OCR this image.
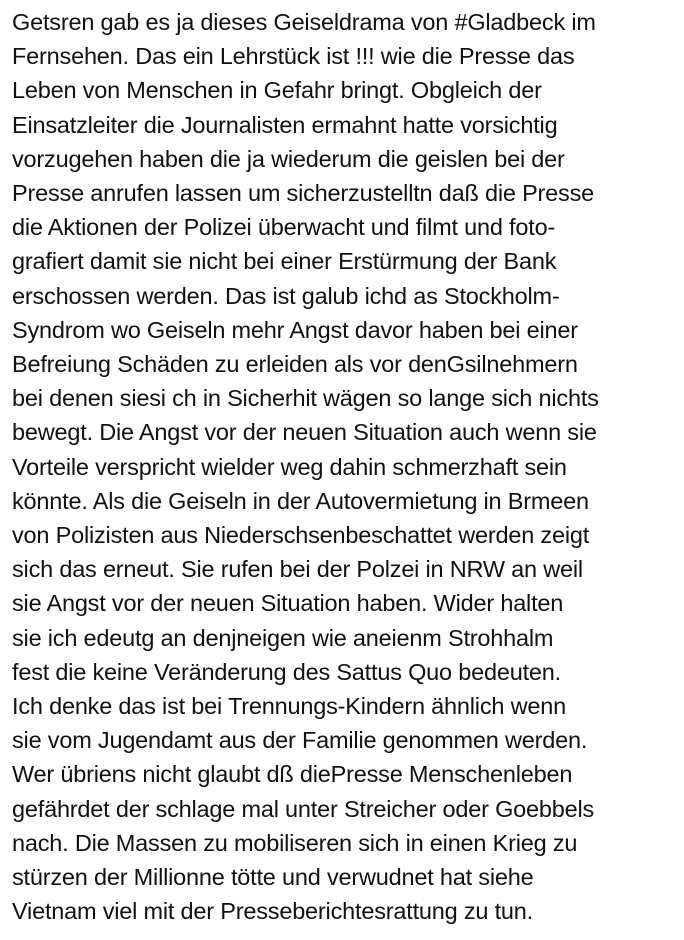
Getsren gab es ja dieses Geiseldrama von #Gladbeck im
Fernsehen. Das ein Lehrstück ist !!! wie die Presse das
Leben von Menschen in Gefahr bringt. Obgleich der
Einsatzleiter die Journalisten ermahnt hatte vorsichtig
vorzugehen haben die ja wiederum die geislen bei der
Presse anrufen lassen um sicherzustelltn daß die Presse
die Aktionen der Polizei überwacht und filmt und foto-
grafiert damit sie nicht bei einer Erstürmung der Bank
erschossen werden. Das ist galub ichd as Stockholm-
Syndrom wo Geiseln mehr Angst davor haben bei einer
Befreiung Schäden zu erleiden als vor denGsilnehmern
bei denen siesi ch in Sicherhit wägen so lange sich nichts
bewegt. Die Angst vor der neuen Situation auch wenn sie
Vorteile verspricht wielder weg dahin schmerzhaft sein
könnte. Als die Geiseln in der Autovermietung in Brmeen
von Polizisten aus Niederschsenbeschattet werden zeigt
sich das erneut. Sie rufen bei der Polzei in NRW an weil
sie Angst vor der neuen Situation haben. Wider halten
sie ich edeutg an denjneigen wie aneienm Strohhalm
fest die keine Veränderung des Sattus Quo bedeuten.
Ich denke das ist bei Trennungs-Kindern ähnlich wenn
sie vom Jugendamt aus der Familie genommen werden.
Wer übriens nicht glaubt dß diePresse Menschenleben
gefährdet der schlage mal unter Streicher oder Goebbels
nach. Die Massen zu mobiliseren sich in einen Krieg zu
stürzen der Millionne tötte und verwudnet hat siehe
Vietnam viel mit der Presseberichtesrattung zu tun.
